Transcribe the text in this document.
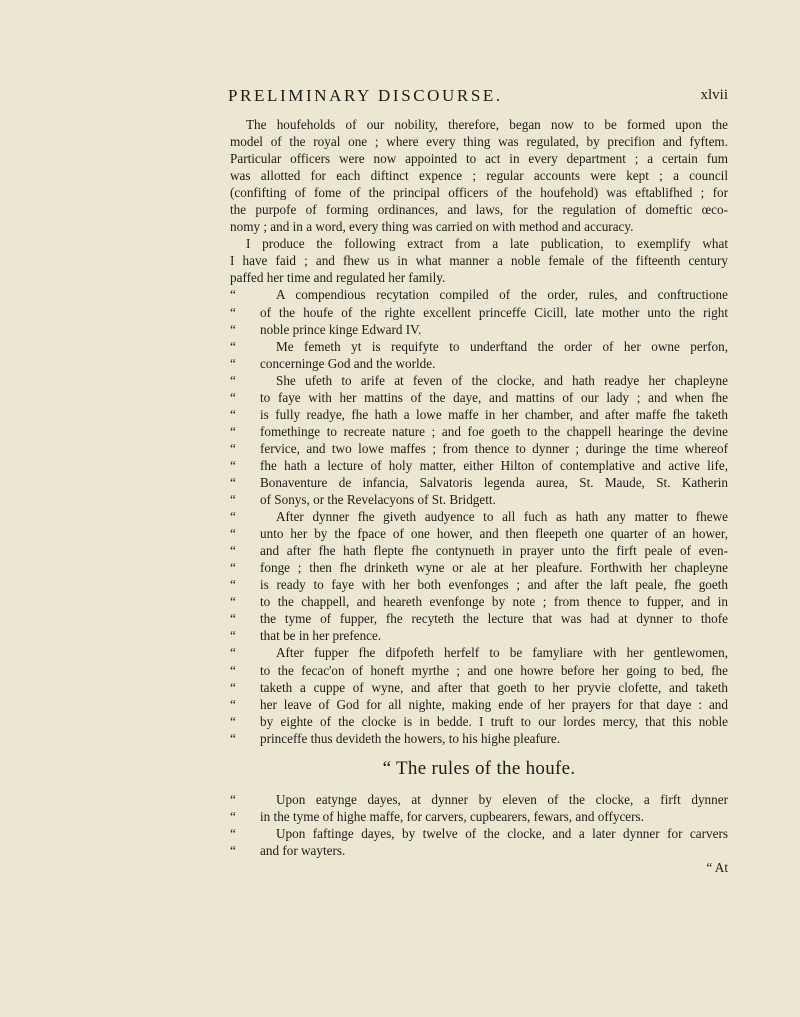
PRELIMINARY DISCOURSE.	xlvii
The houfeholds of our nobility, therefore, began now to be formed upon the
model of the royal one ; where every thing was regulated, by precifion and fyftem.
Particular officers were now appointed to act in every department ; a certain fum
was allotted for each diftinct expence ; regular accounts were kept ; a council
(confifting of fome of the principal officers of the houfehold) was eftablifhed ; for
the purpofe of forming ordinances, and laws, for the regulation of domeftic œco-
nomy ; and in a word, every thing was carried on with method and accuracy.
I produce the following extract from a late publication, to exemplify what
I have faid ; and fhew us in what manner a noble female of the fifteenth century
paffed her time and regulated her family.
“	A compendious recytation compiled of the order, rules, and conftructione
“ of the houfe of the righte excellent princeffe Cicill, late mother unto the right
“ noble prince kinge Edward IV.
“	Me femeth yt is requifyte to underftand the order of her owne perfon,
“ concerninge God and the worlde.
“	She ufeth to arife at feven of the clocke, and hath readye her chapleyne
“ to faye with her mattins of the daye, and mattins of our lady ; and when fhe
“ is fully readye, fhe hath a lowe maffe in her chamber, and after maffe fhe taketh
“ fomethinge to recreate nature ; and foe goeth to the chappell hearinge the devine
“ fervice, and two lowe maffes ; from thence to dynner ; duringe the time whereof
“ fhe hath a lecture of holy matter, either Hilton of contemplative and active life,
“ Bonaventure de infancia, Salvatoris legenda aurea, St. Maude, St. Katherin
“ of Sonys, or the Revelacyons of St. Bridgett.
“	After dynner fhe giveth audyence to all fuch as hath any matter to fhewe
“ unto her by the fpace of one hower, and then fleepeth one quarter of an hower,
“ and after fhe hath flepte fhe contynueth in prayer unto the firft peale of even-
“ fonge ; then fhe drinketh wyne or ale at her pleafure. Forthwith her chapleyne
“ is ready to faye with her both evenfonges ; and after the laft peale, fhe goeth
“ to the chappell, and heareth evenfonge by note ; from thence to fupper, and in
“ the tyme of fupper, fhe recyteth the lecture that was had at dynner to thofe
“ that be in her prefence.
“	After fupper fhe difpofeth herfelf to be famyliare with her gentlewomen,
“ to the fecac'on of honeft myrthe ; and one howre before her going to bed, fhe
“ taketh a cuppe of wyne, and after that goeth to her pryvie clofette, and taketh
“ her leave of God for all nighte, making ende of her prayers for that daye : and
“ by eighte of the clocke is in bedde. I truft to our lordes mercy, that this noble
“ princeffe thus devideth the howers, to his highe pleafure.
“ The rules of the houfe.
“	Upon eatynge dayes, at dynner by eleven of the clocke, a firft dynner
“ in the tyme of highe maffe, for carvers, cupbearers, fewars, and offycers.
“	Upon faftinge dayes, by twelve of the clocke, and a later dynner for carvers
“ and for wayters.
“ At
